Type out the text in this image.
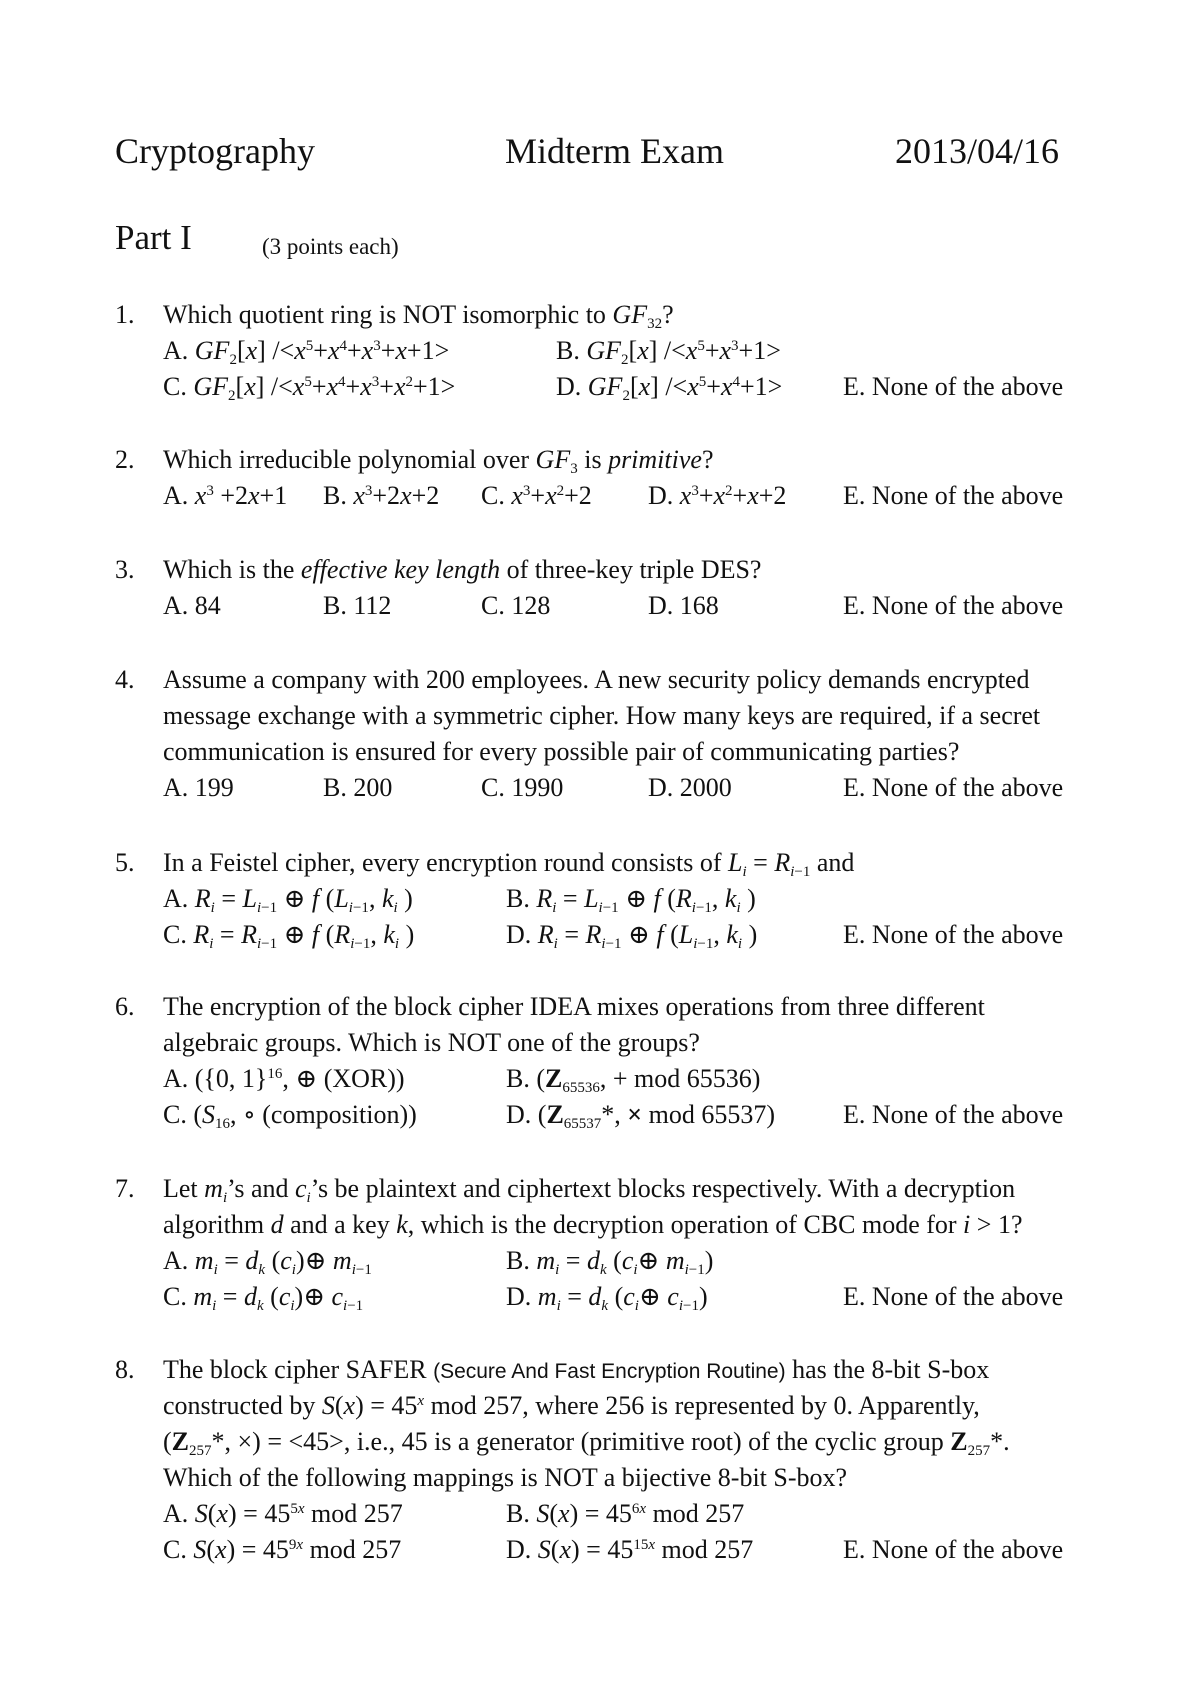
Cryptography	Midterm Exam	2013/04/16
Part I	(3 points each)
1. Which quotient ring is NOT isomorphic to $GF_{32}$?
A. $GF_2[x]$ $/<x^5+x^4+x^3+x+1>$	B. $GF_2[x]$ $/<x^5+x^3+1>$
C. $GF_2[x]$ $/<x^5+x^4+x^3+x^2+1>$	D. $GF_2[x]$ $/<x^5+x^4+1> E$. None of the above
2. Which irreducible polynomial over $GF_3$ is primitive?
A. $x^3 +2x+1$ B. $x^3+2x+2$ C. $x^3+x^2+2$ D. $x^3+x^2+x+2$ E. None of the above
3. Which is the effective key length of three-key triple DES?
A. 84	B. 112	C. 128	D. 168	E. None of the above
4. Assume a company with 200 employees. A new security policy demands encrypted
message exchange with a symmetric cipher. How many keys are required, if a secret
communication is ensured for every possible pair of communicating parties?
A. 199	B. 200	C. 1990	D. 2000	E. None of the above
5. In a Feistel cipher, every encryption round consists of $L_i = R_{i-1}$ and
A. $R_i = L_{i-1}$ ⊕ f ($L_{i-1}$, $k_i$ )	B. $R_i = L_{i-1}$ ⊕ f ($R_{i-1}$, $k_i$ )
C. $R_i = R_{i-1}$ ⊕ f ($R_{i-1}$, $k_i$ )	D. $R_i = R_{i-1}$ ⊕ f ($L_{i-1}$, $k_i$ )	E. None of the above
6. The encryption of the block cipher IDEA mixes operations from three different
algebraic groups. Which is NOT one of the groups?
A. ({0, 1}$^{16}$, ⊕ (XOR))	B. ($Z_{65536}$, + mod 65536)
C. ($S_{16}$, ∘ (composition))	D. ($Z_{65537}*$, × mod 65537)	E. None of the above
7. Let $m_i’s$ and $c_i’s$ be plaintext and ciphertext blocks respectively. With a decryption
algorithm d and a key k, which is the decryption operation of CBC mode for i > 1?
A. $m_i = d_k$ $(c_i)\oplus$ $m_{i-1}$	B. $m_i = d_k$ ($c_i\oplus$ $m_{i-1}$)
C. $m_i = d_k$ $(c_i)\oplus$ $c_{i-1}$	D. $m_i = d_k$ ($c_i\oplus$ $c_{i-1}$)	E. None of the above
8. The block cipher SAFER (Secure And Fast Encryption Routine) has the 8-bit S-box
constructed by $S(x) = 45^x$ mod 257, where 256 is represented by 0. Apparently,
($Z_{257}*$, ×) = <45>, i.e., 45 is a generator (primitive root) of the cyclic group $Z_{257}*$.
Which of the following mappings is NOT a bijective 8-bit S-box?
A. $S(x) = 45^{5x}$ mod 257	B. $S(x) = 45^{6x}$ mod 257
C. $S(x) = 45^{9x}$ mod 257	D. $S(x) = 45^{15x}$ mod 257	E. None of the above
